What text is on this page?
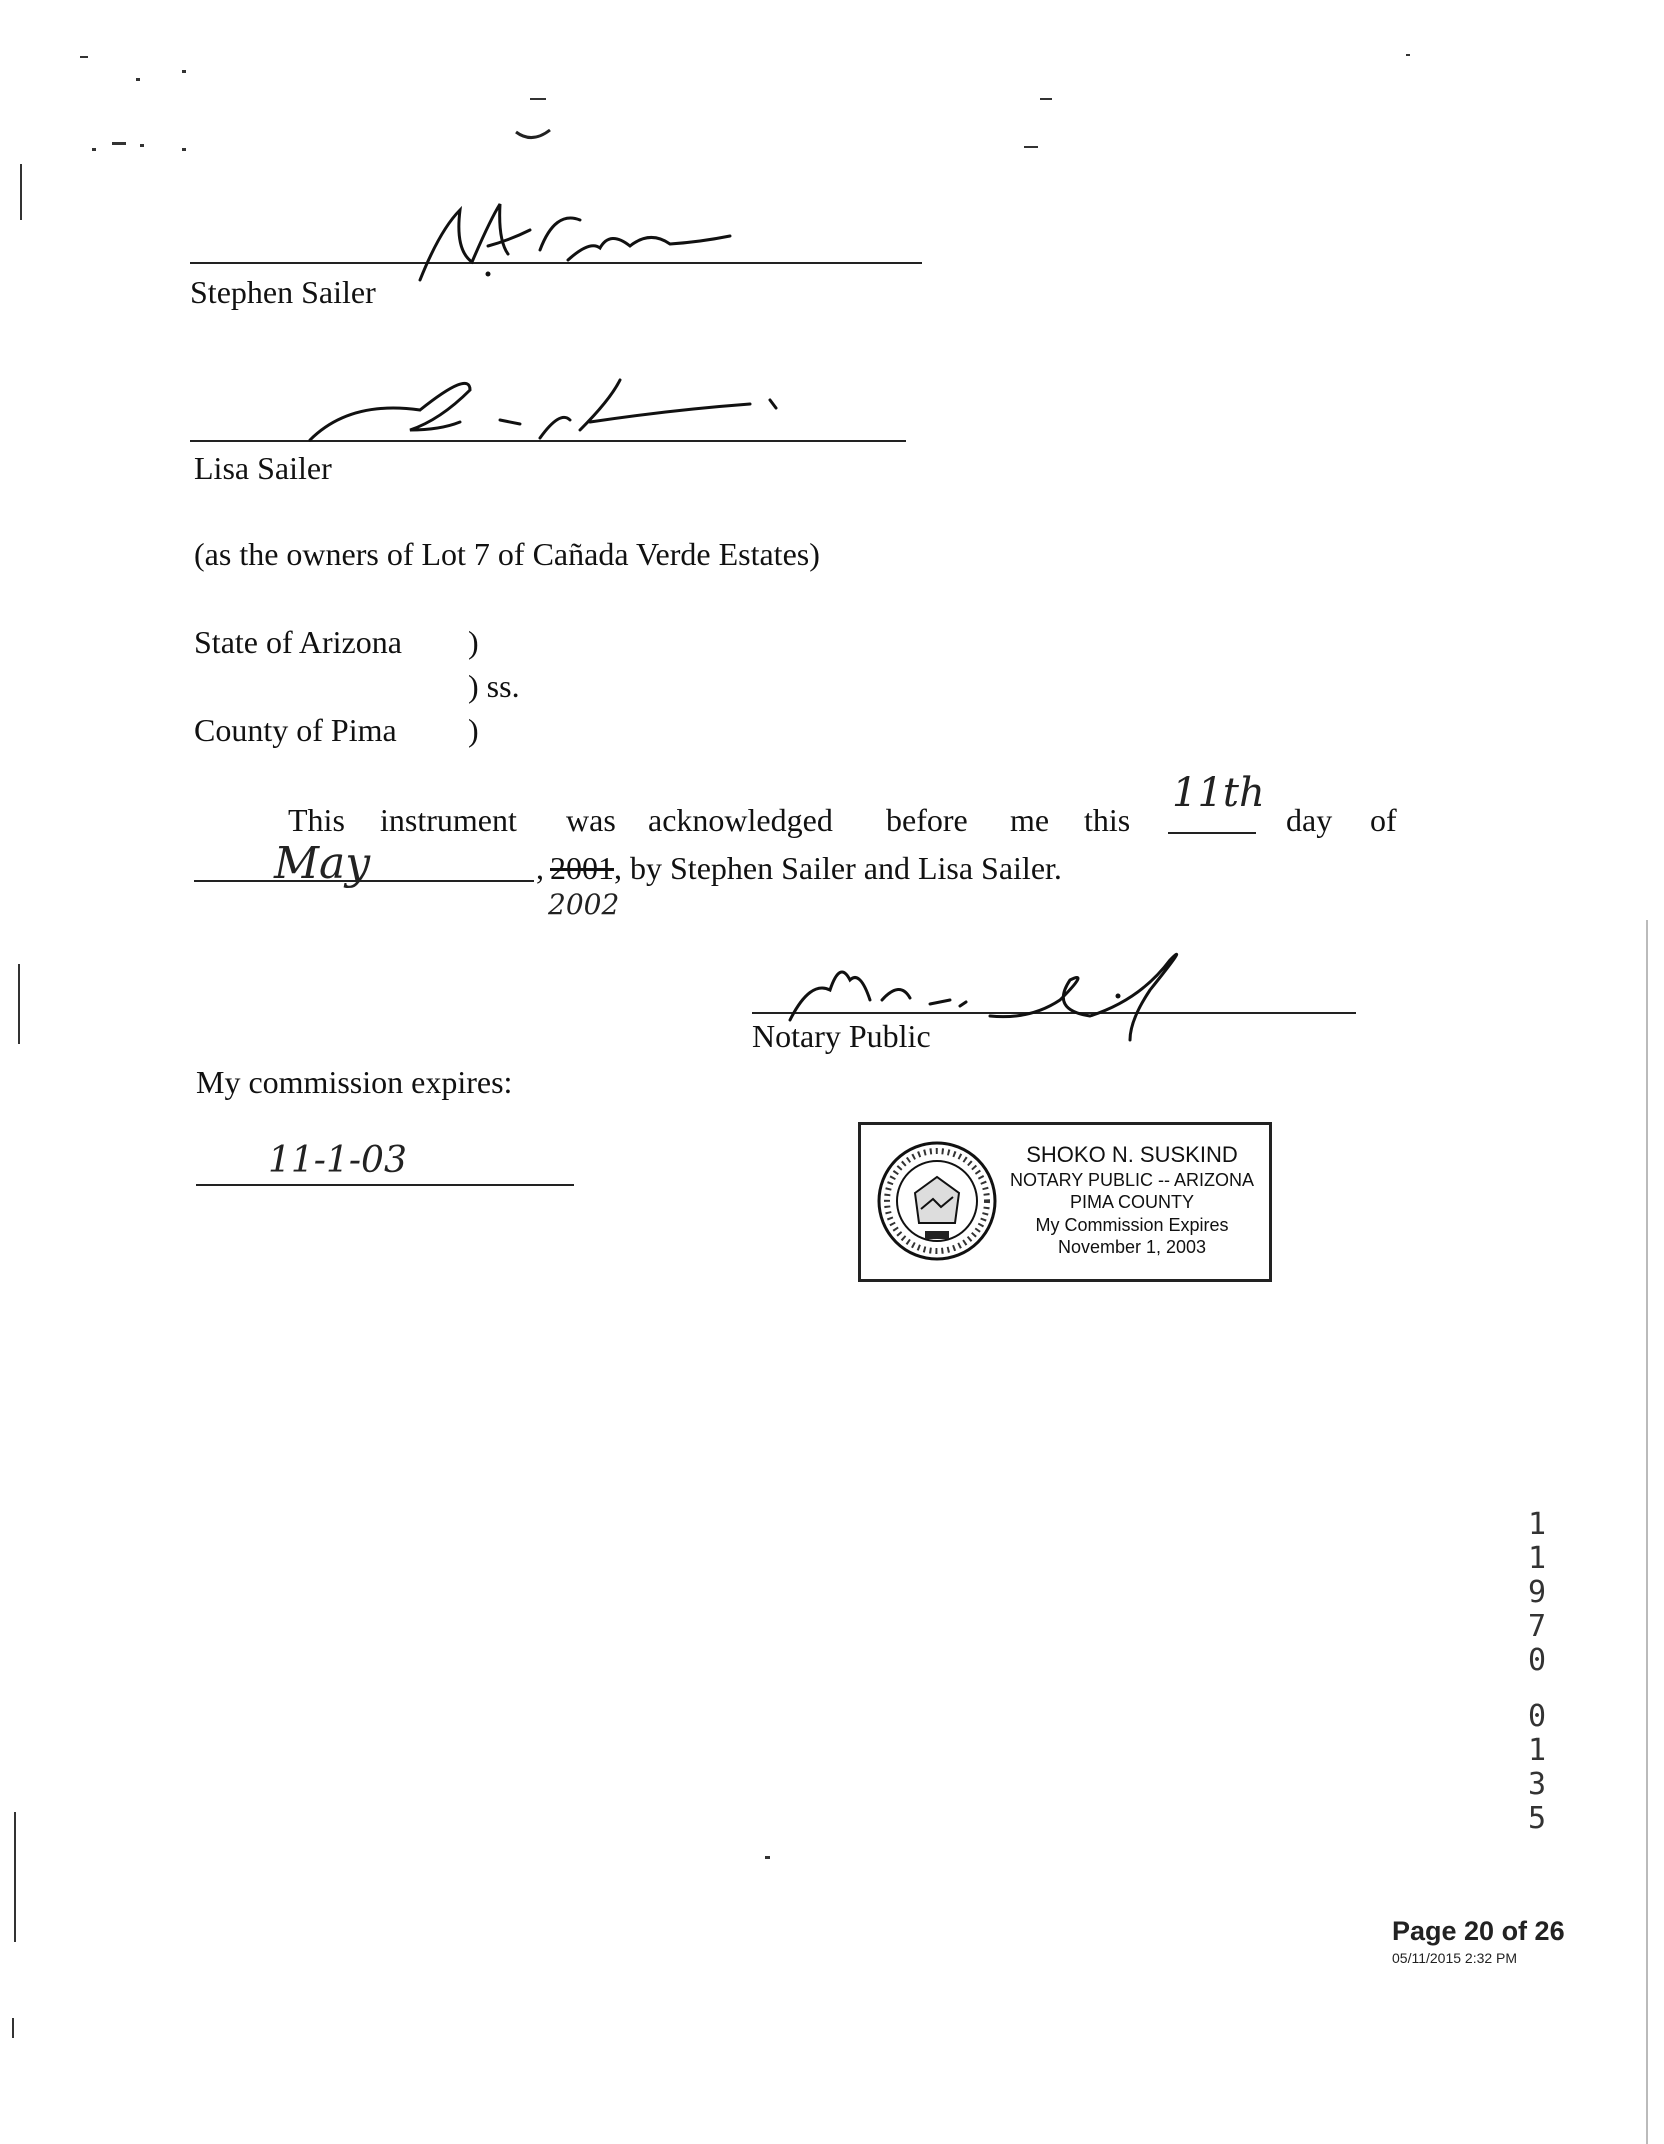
Stephen Sailer
Lisa Sailer
(as the owners of Lot 7 of Cañada Verde Estates)
State of Arizona )
) ss.
County of Pima )
This instrument was acknowledged before me this
11th
day of
May	, 2001
2002
, by Stephen Sailer and Lisa Sailer.
Notary Public
My commission expires:
11-1-03	SHOKO N. SUSKIND
NOTARY PUBLIC -- ARIZONA
PIMA COUNTY
My Commission Expires
November 1, 2003
1
1
9
7
0
0
1
3
5
Page 20 of 26
05/11/2015 2:32 PM
